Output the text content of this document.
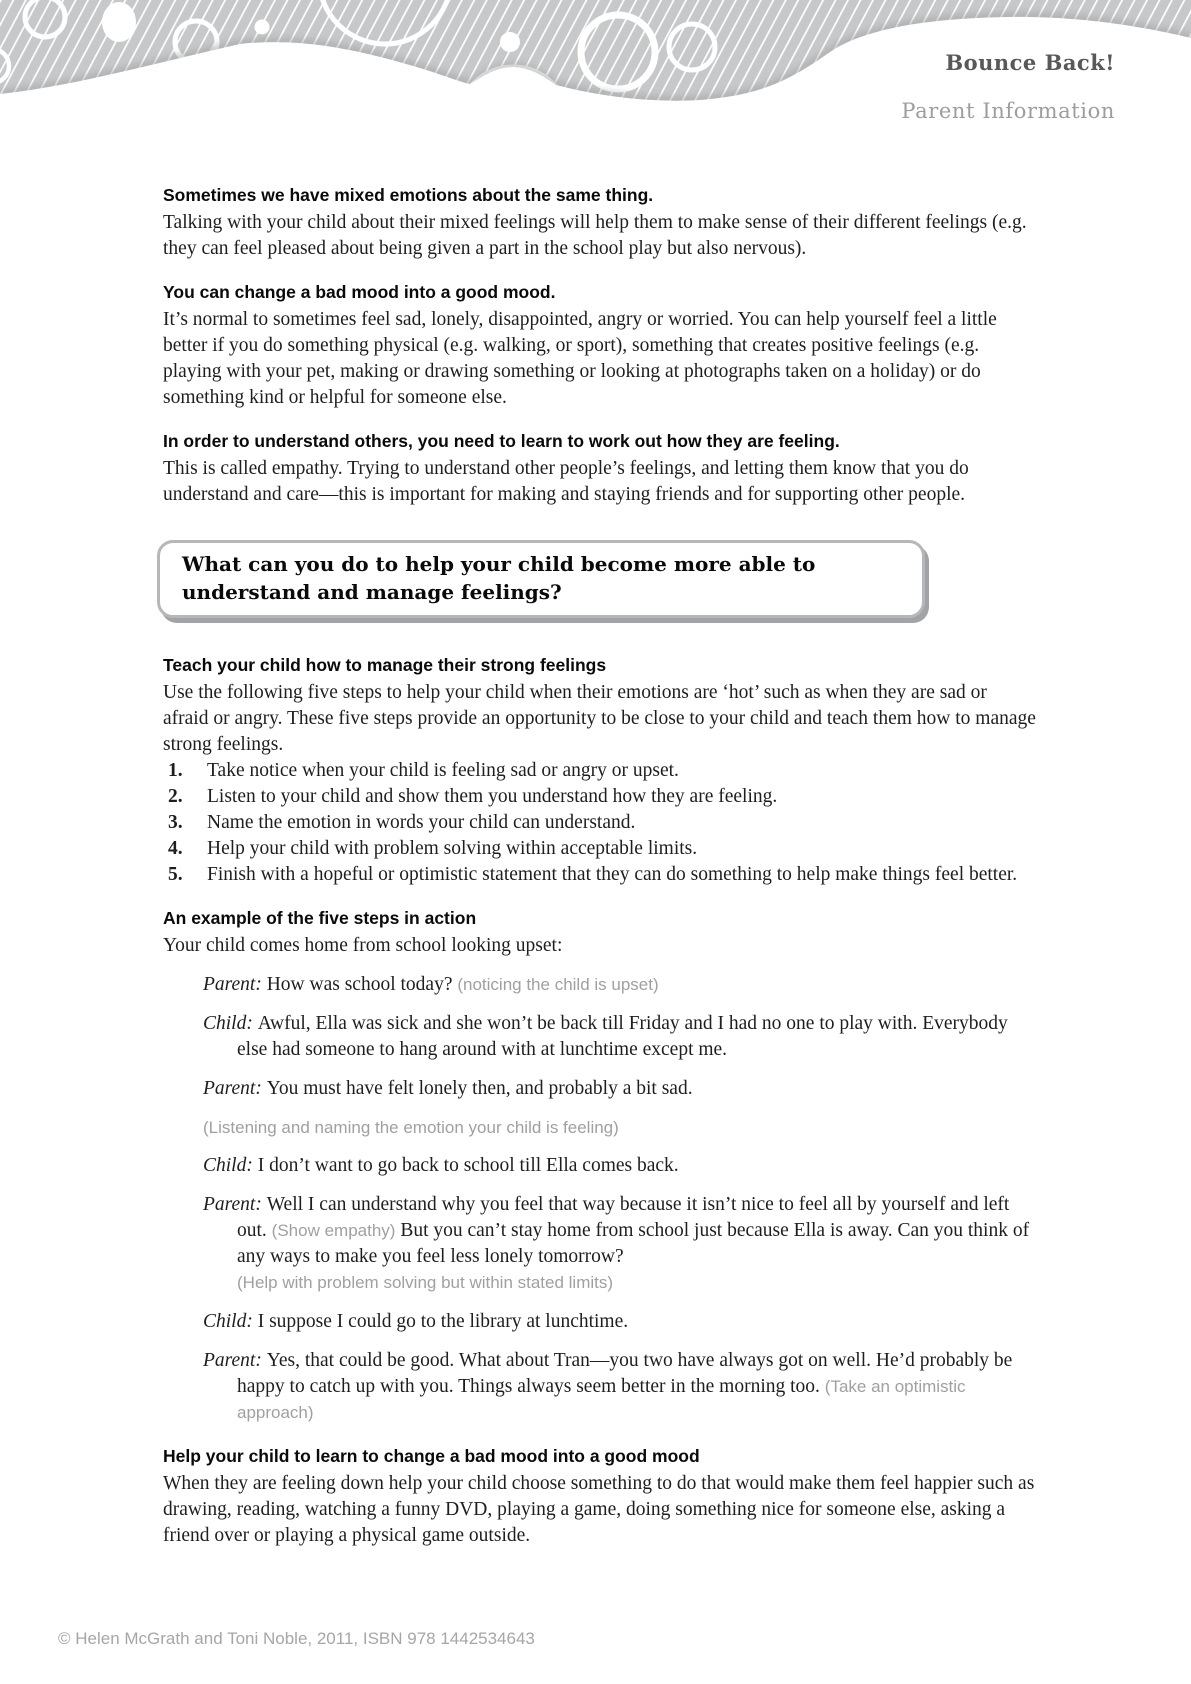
Bounce Back!
Parent Information
Sometimes we have mixed emotions about the same thing.

Talking with your child about their mixed feelings will help them to make sense of their different feelings (e.g. they can feel pleased about being given a part in the school play but also nervous).

You can change a bad mood into a good mood.

It’s normal to sometimes feel sad, lonely, disappointed, angry or worried. You can help yourself feel a little better if you do something physical (e.g. walking, or sport), something that creates positive feelings (e.g. playing with your pet, making or drawing something or looking at photographs taken on a holiday) or do something kind or helpful for someone else.

In order to understand others, you need to learn to work out how they are feeling.

This is called empathy. Trying to understand other people’s feelings, and letting them know that you do understand and care—this is important for making and staying friends and for supporting other people.

What can you do to help your child become more able to understand and manage feelings?
Teach your child how to manage their strong feelings

Use the following five steps to help your child when their emotions are ‘hot’ such as when they are sad or afraid or angry. These five steps provide an opportunity to be close to your child and teach them how to manage strong feelings.

1. Take notice when your child is feeling sad or angry or upset.
2. Listen to your child and show them you understand how they are feeling.
3. Name the emotion in words your child can understand.
4. Help your child with problem solving within acceptable limits.
5. Finish with a hopeful or optimistic statement that they can do something to help make things feel better.
An example of the five steps in action

Your child comes home from school looking upset:

Parent: How was school today? (noticing the child is upset)

Child: Awful, Ella was sick and she won’t be back till Friday and I had no one to play with. Everybody else had someone to hang around with at lunchtime except me.

Parent: You must have felt lonely then, and probably a bit sad.

(Listening and naming the emotion your child is feeling)

Child: I don’t want to go back to school till Ella comes back.

Parent: Well I can understand why you feel that way because it isn’t nice to feel all by yourself and left out. (Show empathy) But you can’t stay home from school just because Ella is away. Can you think of any ways to make you feel less lonely tomorrow?
(Help with problem solving but within stated limits)

Child: I suppose I could go to the library at lunchtime.

Parent: Yes, that could be good. What about Tran—you two have always got on well. He’d probably be happy to catch up with you. Things always seem better in the morning too. (Take an optimistic approach)

Help your child to learn to change a bad mood into a good mood

When they are feeling down help your child choose something to do that would make them feel happier such as drawing, reading, watching a funny DVD, playing a game, doing something nice for someone else, asking a friend over or playing a physical game outside.

© Helen McGrath and Toni Noble, 2011, ISBN 978 1442534643
